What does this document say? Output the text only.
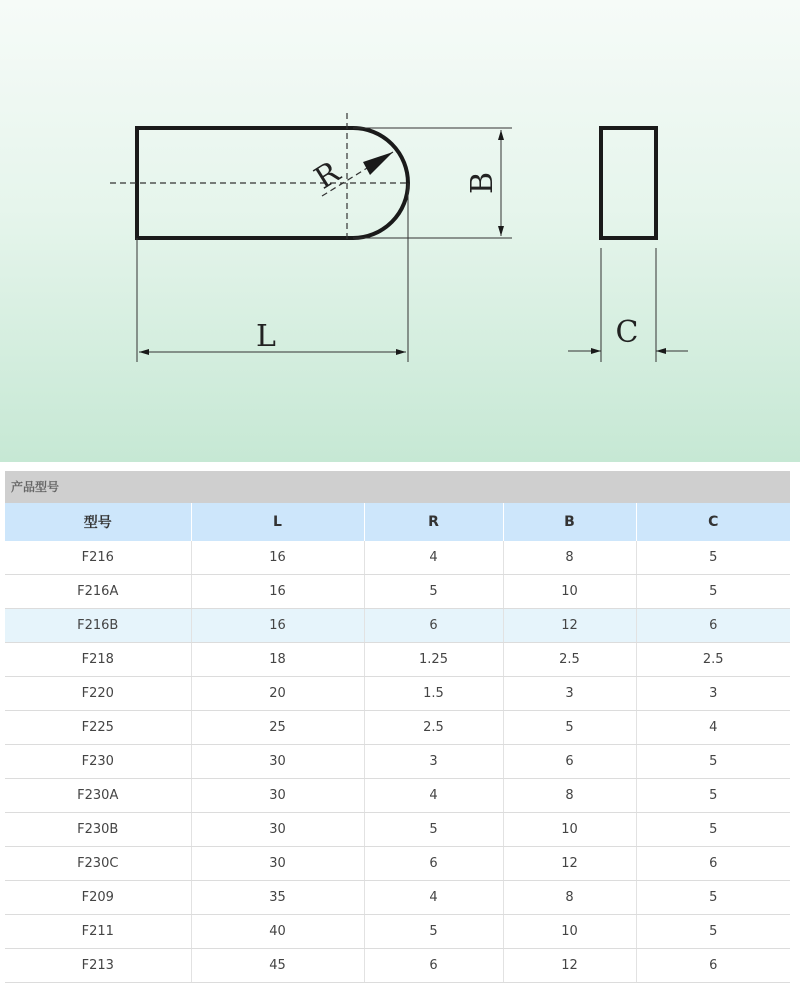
R	B
L	C
产品型号
型号	L	R	B	C
F216	16	4	8	5
F216A	16	5	10	5
F216B	16	6	12	6
F218	18	1.25	2.5	2.5
F220	20	1.5	3	3
F225	25	2.5	5	4
F230	30	3	6	5
F230A	30	4	8	5
F230B	30	5	10	5
F230C	30	6	12	6
F209	35	4	8	5
F211	40	5	10	5
F213	45	6	12	6
